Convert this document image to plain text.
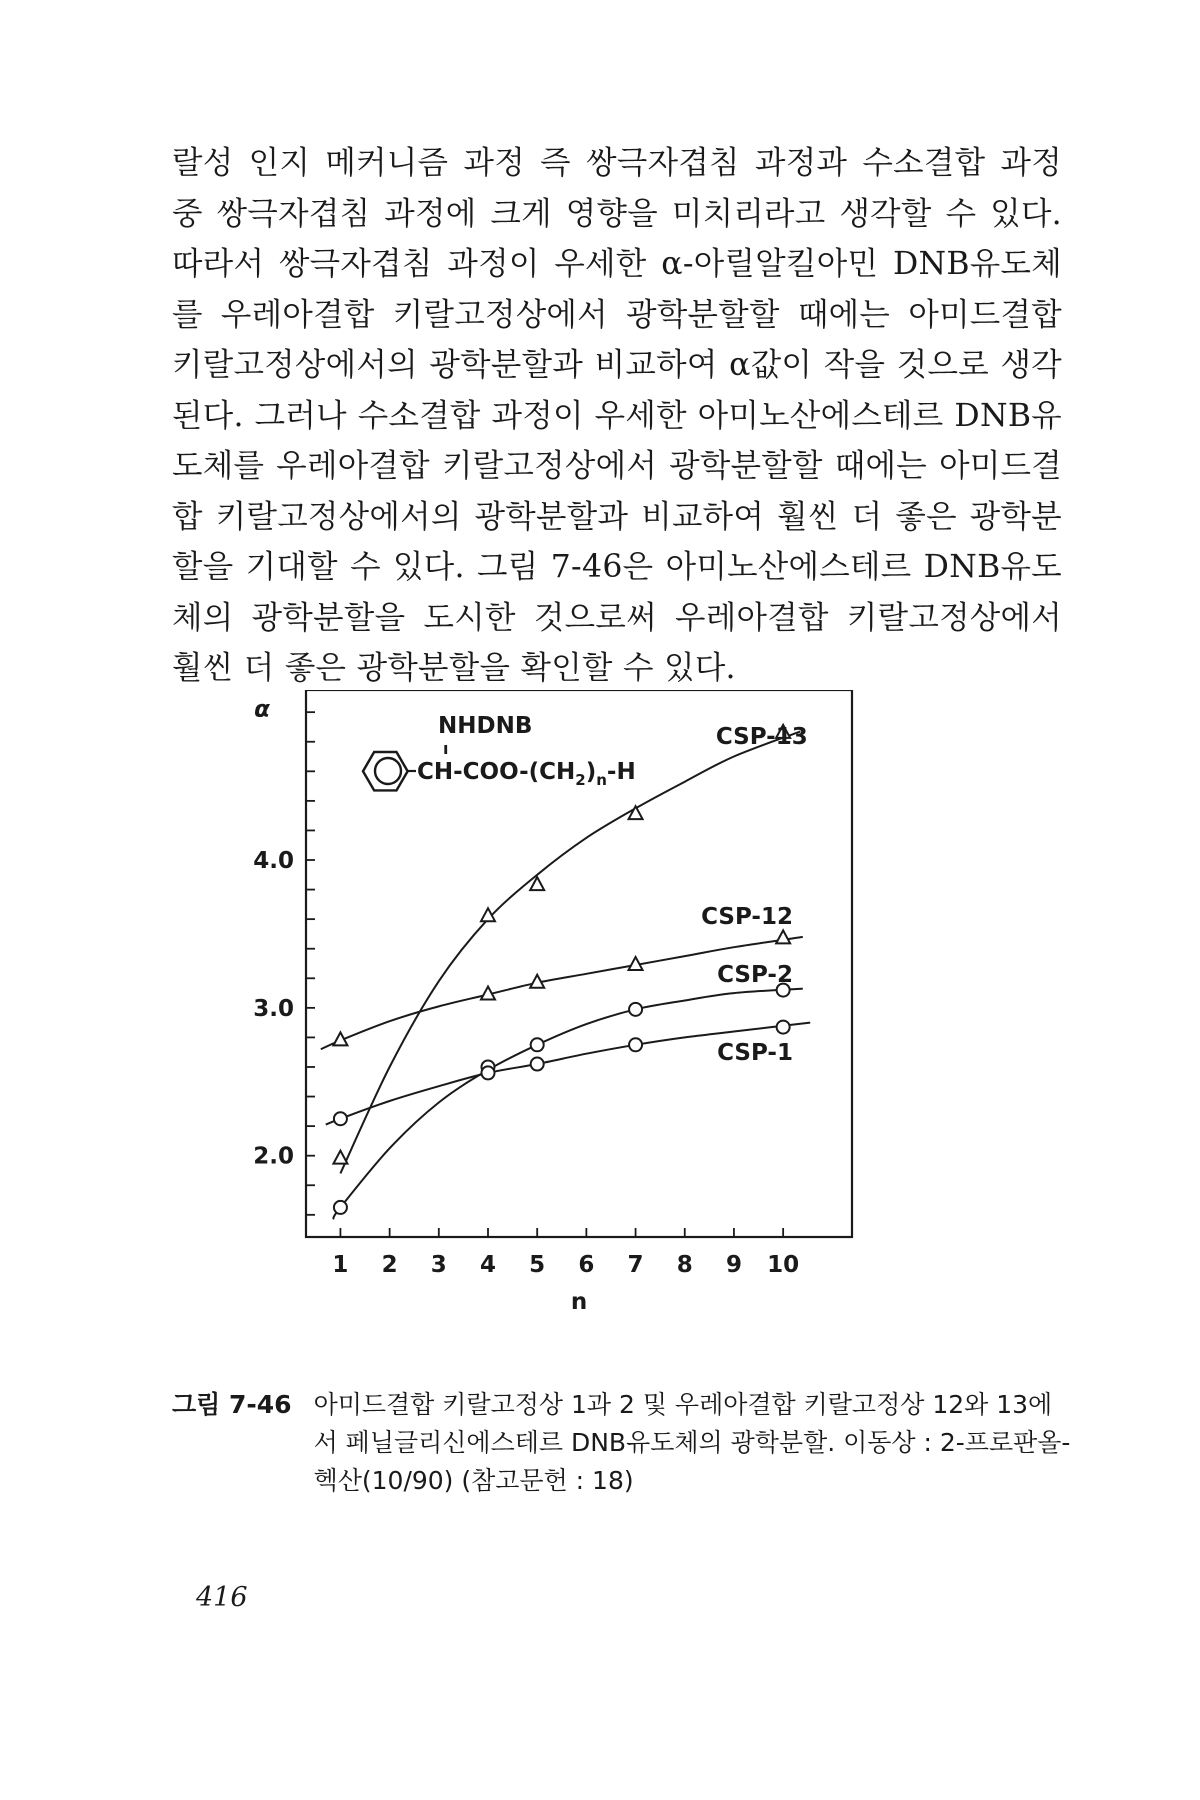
랄성 인지 메커니즘 과정 즉 쌍극자겹침 과정과 수소결합 과정 중 쌍극자겹침 과정에 크게 영향을 미치리라고 생각할 수 있다. 따라서 쌍극자겹침 과정이 우세한 α-아릴알킬아민 DNB유도체를 우레아결합 키랄고정상에서 광학분할할 때에는 아미드결합 키랄고정상에서의 광학분할과 비교하여 α값이 작을 것으로 생각된다. 그러나 수소결합 과정이 우세한 아미노산에스테르 DNB유도체를 우레아결합 키랄고정상에서 광학분할할 때에는 아미드결합 키랄고정상에서의 광학분할과 비교하여 훨씬 더 좋은 광학분할을 기대할 수 있다. 그림 7-46은 아미노산에스테르 DNB유도체의 광학분할을 도시한 것으로써 우레아결합 키랄고정상에서 훨씬 더 좋은 광학분할을 확인할 수 있다.

2.0
3.0
4.0
1 2 3 4 5 6 7 8 9 10
n
α
CSP-13
CSP-12
CSP-2
CSP-1
NHDNB
ı
$CH-COO-(CH_2)_n-H$
그림 7-46 아미드결합 키랄고정상 1과 2 및 우레아결합 키랄고정상 12와 13에서 페닐글리신에스테르 DNB유도체의 광학분할. 이동상 : 2-프로판올-헥산(10/90) (참고문헌 : 18)
416
